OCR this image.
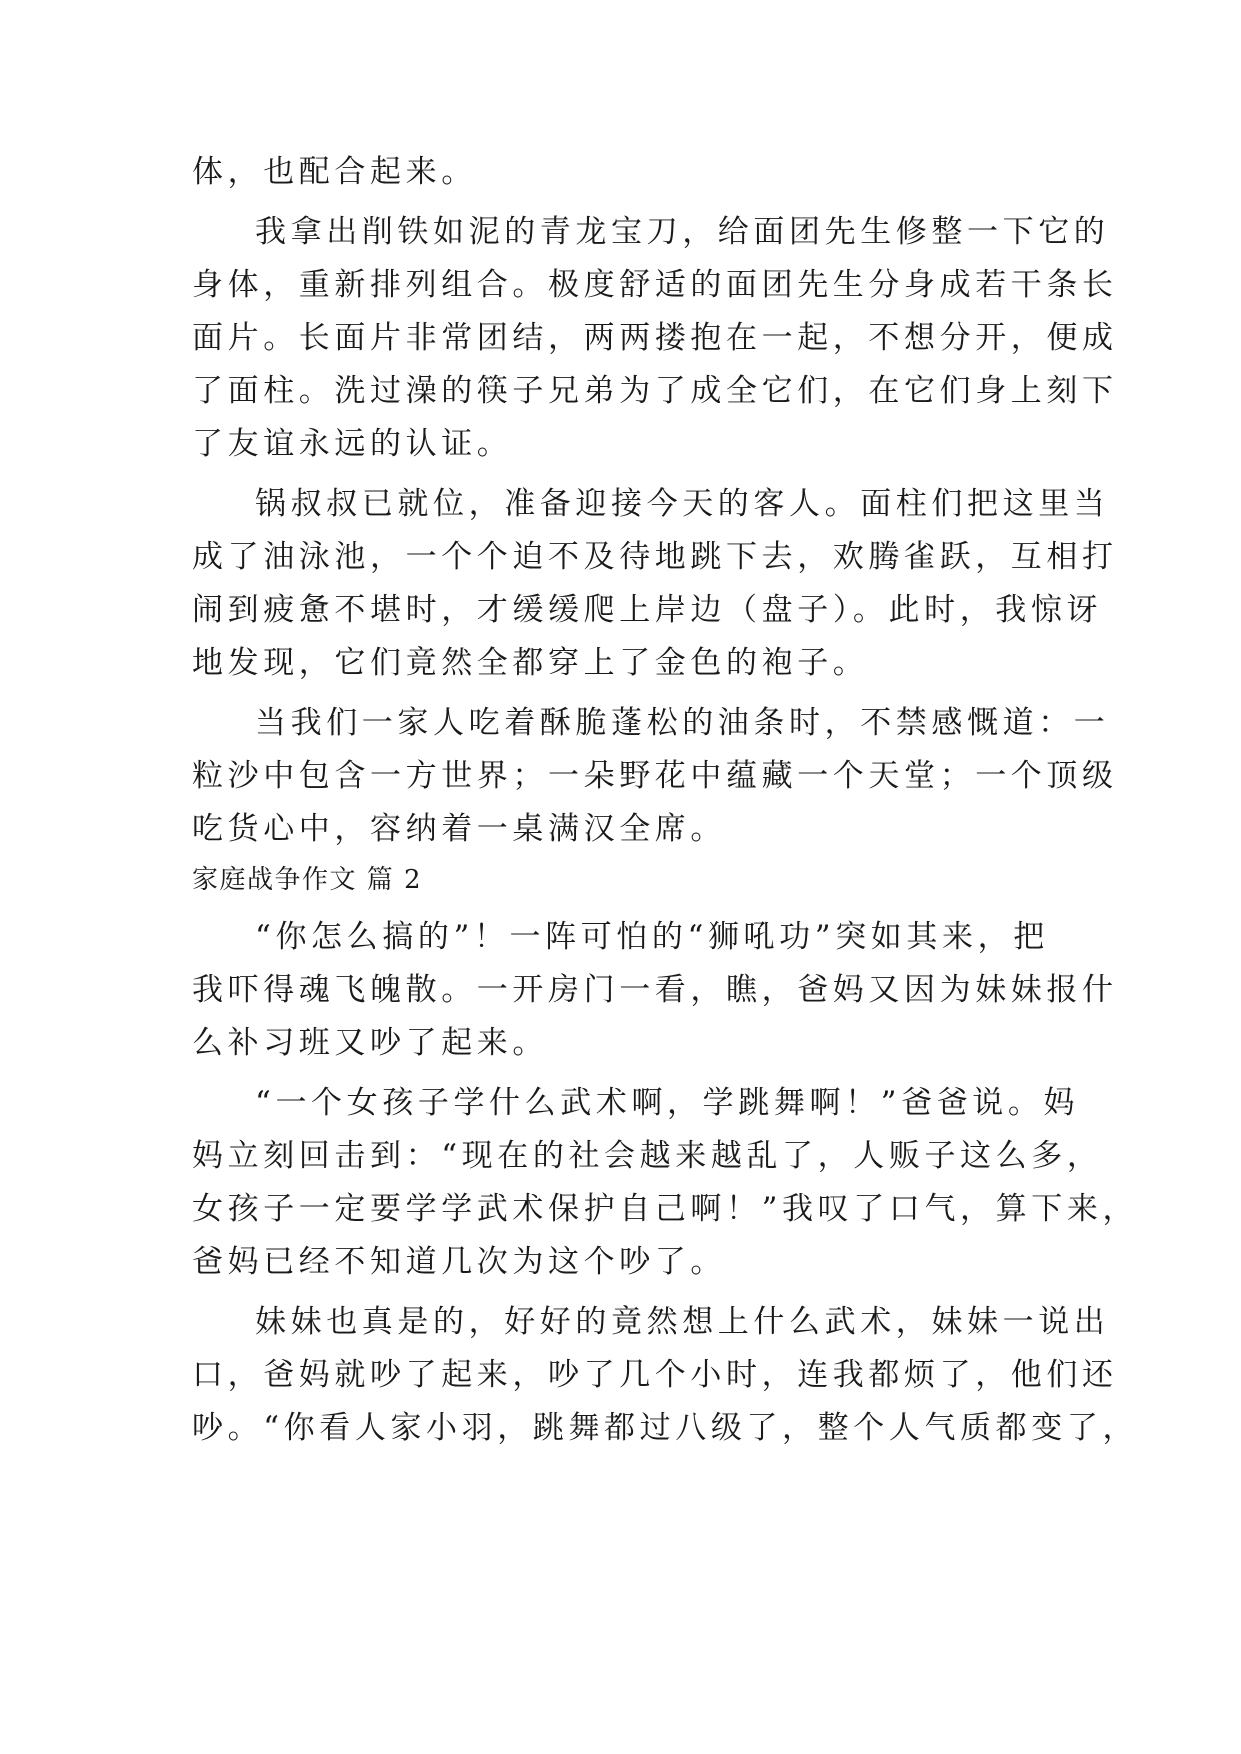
体，也配合起来。
我拿出削铁如泥的青龙宝刀，给面团先生修整一下它的
身体，重新排列组合。极度舒适的面团先生分身成若干条长
面片。长面片非常团结，两两搂抱在一起，不想分开，便成
了面柱。洗过澡的筷子兄弟为了成全它们，在它们身上刻下
了友谊永远的认证。
锅叔叔已就位，准备迎接今天的客人。面柱们把这里当
成了油泳池，一个个迫不及待地跳下去，欢腾雀跃，互相打
闹到疲惫不堪时，才缓缓爬上岸边（盘子）。此时，我惊讶
地发现，它们竟然全都穿上了金色的袍子。
当我们一家人吃着酥脆蓬松的油条时，不禁感慨道：一
粒沙中包含一方世界；一朵野花中蕴藏一个天堂；一个顶级
吃货心中，容纳着一桌满汉全席。
家庭战争作文 篇 2
“你怎么搞的”！一阵可怕的“狮吼功”突如其来，把
我吓得魂飞魄散。一开房门一看，瞧，爸妈又因为妹妹报什
么补习班又吵了起来。
“一个女孩子学什么武术啊，学跳舞啊！”爸爸说。妈
妈立刻回击到：“现在的社会越来越乱了，人贩子这么多，
女孩子一定要学学武术保护自己啊！”我叹了口气，算下来，
爸妈已经不知道几次为这个吵了。
妹妹也真是的，好好的竟然想上什么武术，妹妹一说出
口，爸妈就吵了起来，吵了几个小时，连我都烦了，他们还
吵。“你看人家小羽，跳舞都过八级了，整个人气质都变了，
